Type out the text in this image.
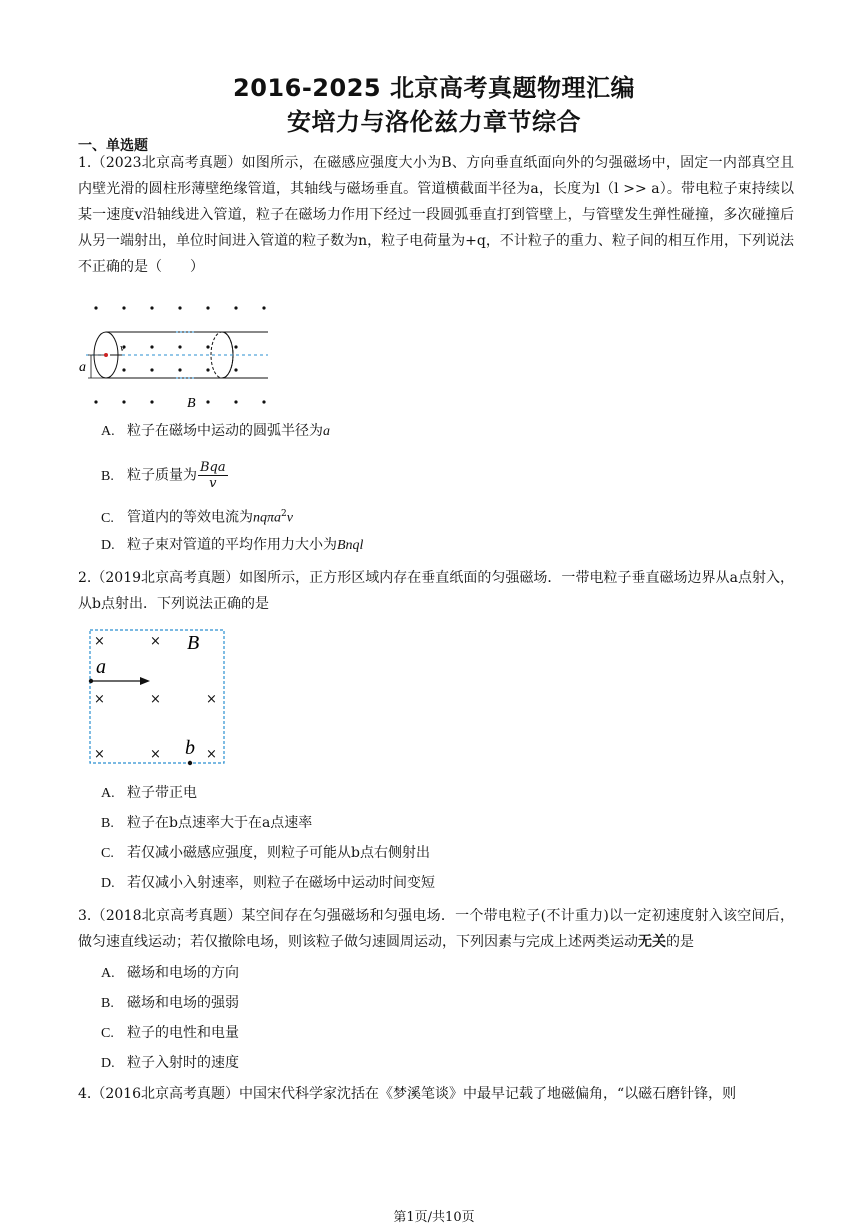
2016-2025 北京高考真题物理汇编
安培力与洛伦兹力章节综合
一、单选题
1.（2023北京高考真题）如图所示，在磁感应强度大小为B、方向垂直纸面向外的匀强磁场中，固定一内部真空且内壁光滑的圆柱形薄壁绝缘管道，其轴线与磁场垂直。管道横截面半径为a，长度为l（l >> a）。带电粒子束持续以某一速度v沿轴线进入管道，粒子在磁场力作用下经过一段圆弧垂直打到管壁上，与管壁发生弹性碰撞，多次碰撞后从另一端射出，单位时间进入管道的粒子数为n，粒子电荷量为+q，不计粒子的重力、粒子间的相互作用，下列说法不正确的是（　　）
a
v
B
A. 粒子在磁场中运动的圆弧半径为a
B. 粒子质量为 $\frac{\text{Bqa}}{v}$
C. 管道内的等效电流为nqπa$^2$v
D. 粒子束对管道的平均作用力大小为Bnql
2.（2019北京高考真题）如图所示，正方形区域内存在垂直纸面的匀强磁场．一带电粒子垂直磁场边界从a点射入，从b点射出．下列说法正确的是
×	×
×	×	×
×	×	×
B
a
b
A. 粒子带正电
B. 粒子在b点速率大于在a点速率
C. 若仅减小磁感应强度，则粒子可能从b点右侧射出
D. 若仅减小入射速率，则粒子在磁场中运动时间变短
3.（2018北京高考真题）某空间存在匀强磁场和匀强电场．一个带电粒子(不计重力)以一定初速度射入该空间后，做匀速直线运动；若仅撤除电场，则该粒子做匀速圆周运动，下列因素与完成上述两类运动无关的是
A. 磁场和电场的方向
B. 磁场和电场的强弱
C. 粒子的电性和电量
D. 粒子入射时的速度
4.（2016北京高考真题）中国宋代科学家沈括在《梦溪笔谈》中最早记载了地磁偏角，“以磁石磨针锋，则
第1页/共10页
